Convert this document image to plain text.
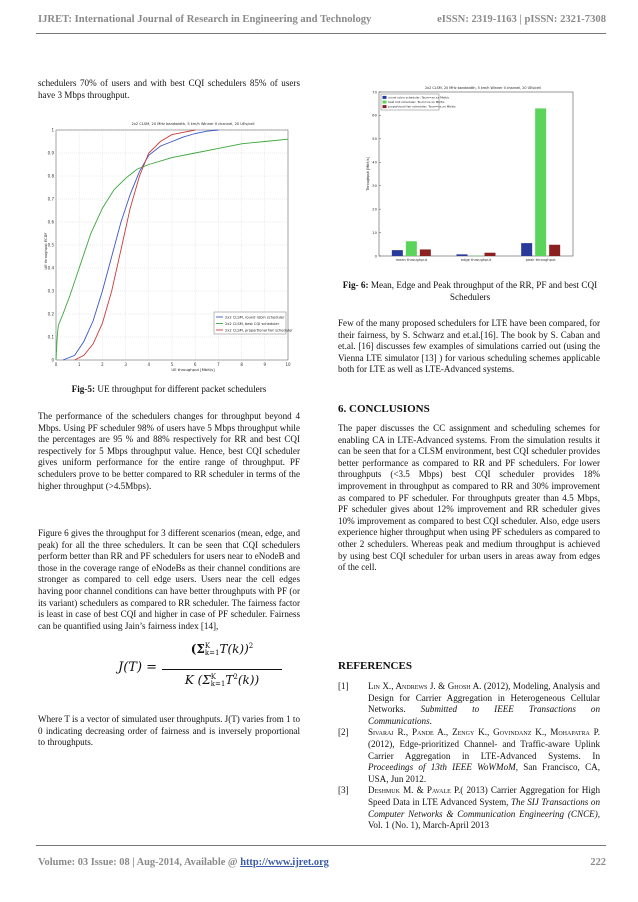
IJRET: International Journal of Research in Engineering and Technology	eISSN: 2319-1163 | pISSN: 2321-7308

schedulers 70% of users and with best CQI schedulers 85% of users have 3 Mbps throughput.

2x2 CLSM, 20 MHz bandwidth, 5 km/h Winner II channel, 20 UEs/cell
UE throughput ECDF
UE throughput [Mbit/s]
0	1	2	3	4	5	6	7	8	9	10
0
0.1
0.2
0.3
0.4
0.5
0.6
0.7
0.8
0.9
1
2x2 CLSM, round robin scheduler
2x2 CLSM, best CQI scheduler
2x2 CLSM, proportional fair scheduler
Fig-5: UE throughput for different packet schedulers

The performance of the schedulers changes for throughput beyond 4 Mbps. Using PF scheduler 98% of users have 5 Mbps throughput while the percentages are 95 % and 88% respectively for RR and best CQI respectively for 5 Mbps throughput value. Hence, best CQI scheduler gives uniform performance for the entire range of throughput. PF schedulers prove to be better compared to RR scheduler in terms of the higher throughput (>4.5Mbps).

Figure 6 gives the throughput for 3 different scenarios (mean, edge, and peak) for all the three schedulers. It can be seen that CQI schedulers perform better than RR and PF schedulers for users near to eNodeB and those in the coverage range of eNodeBs as their channel conditions are stronger as compared to cell edge users. Users near the cell edges having poor channel conditions can have better throughputs with PF (or its variant) schedulers as compared to RR scheduler. The fairness factor is least in case of best CQI and higher in case of PF scheduler. Fairness can be quantified using Jain’s fairness index [14],

J(T) =
(Σ K
k=1 T(k))$^2$
K (Σ K
k=1 $T^2(k)$)

Where T is a vector of simulated user throughputs. J(T) varies from 1 to 0 indicating decreasing order of fairness and is inversely proportional to throughputs.

2x2 CLSM, 20 MHz bandwidth, 5 km/h Winner II channel, 20 UEs/cell
Throughput [Mbit/s]
0
10
20
30
40
50
60
70
mean throughput	edge throughput	peak throughput
round robin scheduler: Tsum=xx.xx Mbit/s
best CQI scheduler: Tsum=xx.xx Mbit/s
proportional fair scheduler: Tsum=xx.xx Mbit/s
Fig- 6: Mean, Edge and Peak throughput of the RR, PF and best CQI Schedulers

Few of the many proposed schedulers for LTE have been compared, for their fairness, by S. Schwarz and et.al.[16]. The book by S. Caban and et.al. [16] discusses few examples of simulations carried out (using the Vienna LTE simulator [13] ) for various scheduling schemes applicable both for LTE as well as LTE-Advanced systems.

6. CONCLUSIONS

The paper discusses the CC assignment and scheduling schemes for enabling CA in LTE-Advanced systems. From the simulation results it can be seen that for a CLSM environment, best CQI scheduler provides better performance as compared to RR and PF schedulers. For lower throughputs (<3.5 Mbps) best CQI scheduler provides 18% improvement in throughput as compared to RR and 30% improvement as compared to PF scheduler. For throughputs greater than 4.5 Mbps, PF scheduler gives about 12% improvement and RR scheduler gives 10% improvement as compared to best CQI scheduler. Also, edge users experience higher throughput when using PF schedulers as compared to other 2 schedulers. Whereas peak and medium throughput is achieved by using best CQI scheduler for urban users in areas away from edges of the cell.

REFERENCES
[1]	Lin X., Andrews J. & Ghosh A. (2012), Modeling, Analysis and Design for Carrier Aggregation in Heterogeneous Cellular Networks. Submitted to IEEE Transactions on Communications.
[2]	Sivaraj R., Pande A., Zengy K., Govindanz K., Mohapatra P. (2012), Edge-prioritized Channel- and Traffic-aware Uplink Carrier Aggregation in LTE-Advanced Systems. In Proceedings of 13th IEEE WoWMoM, San Francisco, CA, USA, Jun 2012.
[3]	Deshmuk M. & Pavale P.( 2013) Carrier Aggregation for High Speed Data in LTE Advanced System, The SIJ Transactions on Computer Networks & Communication Engineering (CNCE), Vol. 1 (No. 1), March-April 2013
Volume: 03 Issue: 08 | Aug-2014, Available @ http://www.ijret.org	222
